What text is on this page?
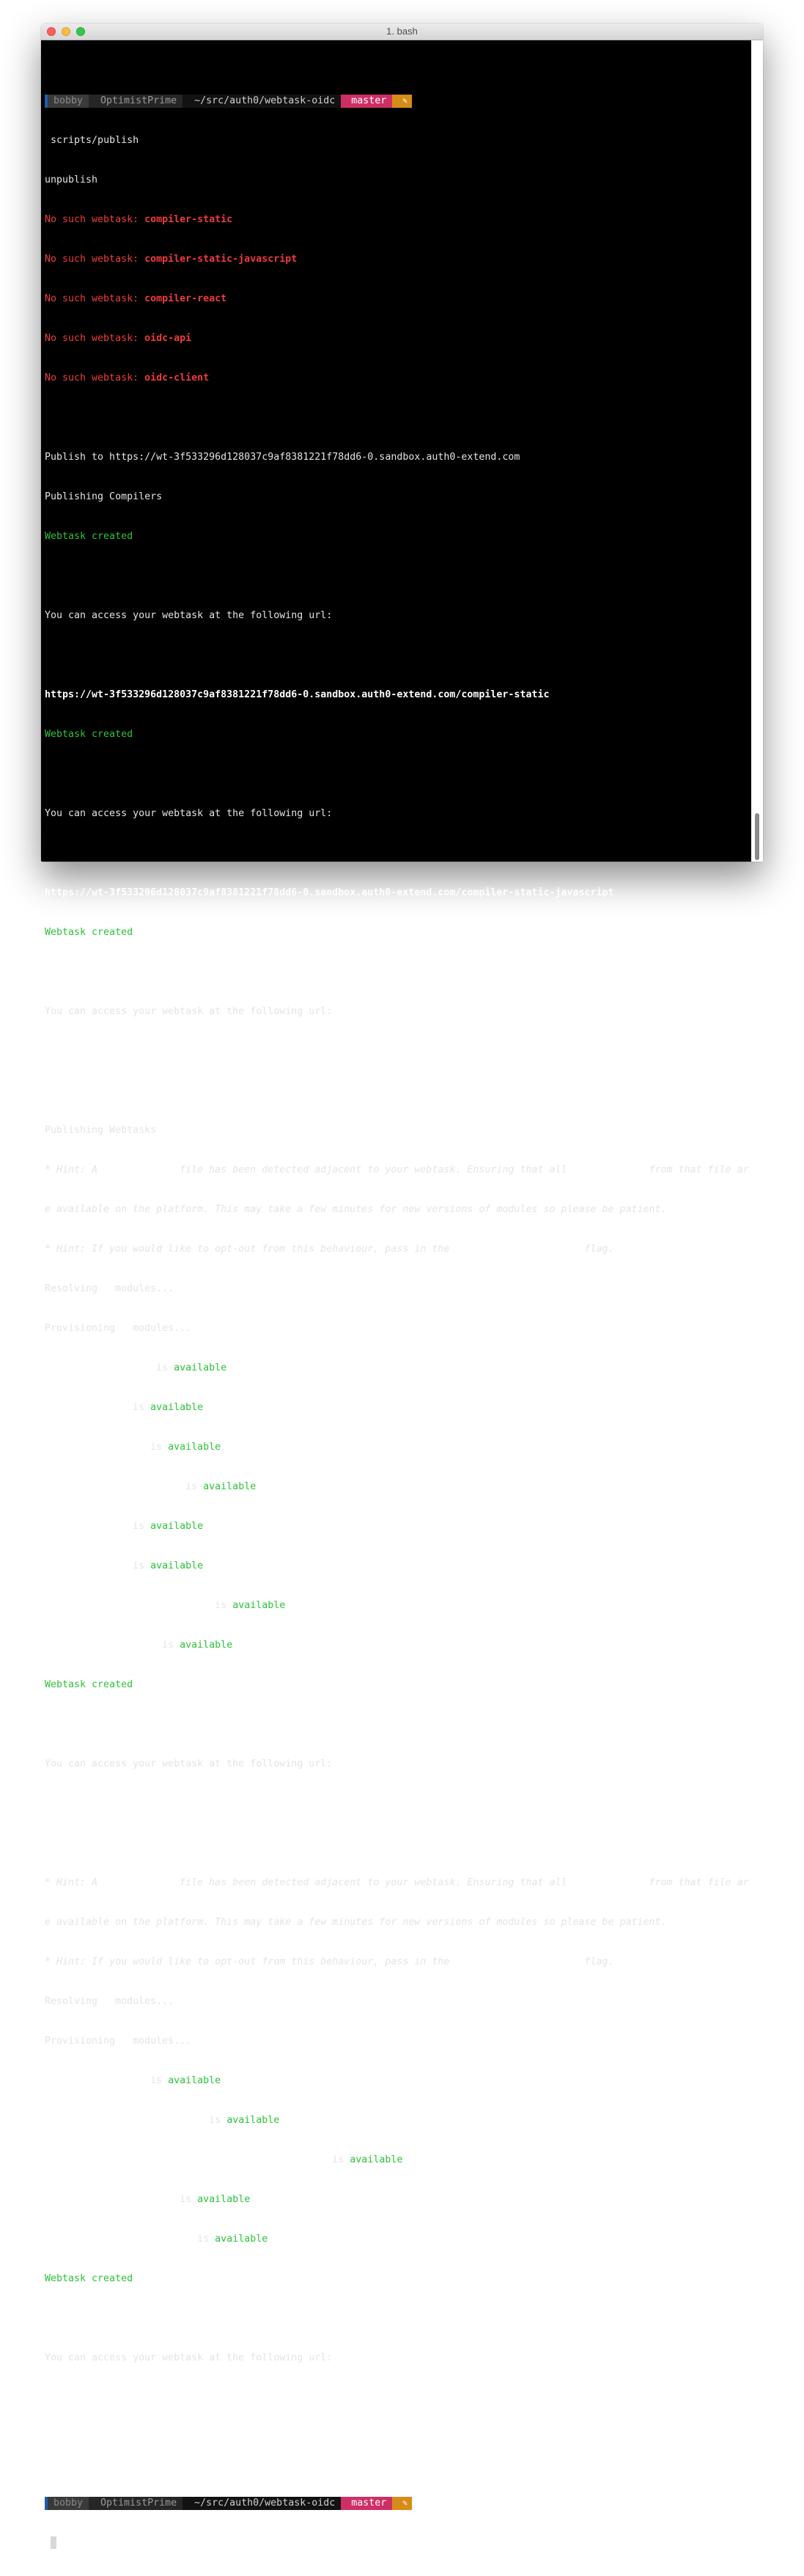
1. bash

bobby	OptimistPrime	~/src/auth0/webtask-oidc	master	✎

scripts/publish

unpublish

No such webtask: compiler-static

No such webtask: compiler-static-javascript

No such webtask: compiler-react

No such webtask: oidc-api

No such webtask: oidc-client

Publish to https://wt-3f533296d128037c9af8381221f78dd6-0.sandbox.auth0-extend.com

Publishing Compilers

Webtask created

You can access your webtask at the following url:

https://wt-3f533296d128037c9af8381221f78dd6-0.sandbox.auth0-extend.com/compiler-static

Webtask created

You can access your webtask at the following url:

https://wt-3f533296d128037c9af8381221f78dd6-0.sandbox.auth0-extend.com/compiler-static-javascript

Webtask created

You can access your webtask at the following url:

https://wt-3f533296d128037c9af8381221f78dd6-0.sandbox.auth0-extend.com/compiler-react

Publishing Webtasks

* Hint: A package.json file has been detected adjacent to your webtask. Ensuring that all dependencies from that file ar

e available on the platform. This may take a few minutes for new versions of modules so please be patient.

* Hint: If you would like to opt-out from this behaviour, pass in the --ignore-package-json flag.

Resolving 8 modules...

Provisioning 8 modules...

body-parser@1.18.3 is available

express@4.16.4 is available

express-jwt@5.3.1 is available

express-jwt-authz@1.0.0 is available

jwks-rsa@1.3.0 is available

request@2.88.0 is available

request-promise-native@1.0.5 is available

webtask-tools@3.4.0 is available

Webtask created

You can access your webtask at the following url:

https://wt-3f533296d128037c9af8381221f78dd6-0.sandbox.auth0-extend.com/oidc-api

* Hint: A package.json file has been detected adjacent to your webtask. Ensuring that all dependencies from that file ar

e available on the platform. This may take a few minutes for new versions of modules so please be patient.

* Hint: If you would like to opt-out from this behaviour, pass in the --ignore-package-json flag.

Resolving 5 modules...

Provisioning 5 modules...

babel-core@6.26.3 is available

babel-plugin-emotion@9.2.11 is available

babel-plugin-transform-object-rest-spread@6.26.0 is available

babel-preset-env@1.7.0 is available

babel-preset-react@6.24.1 is available

Webtask created

You can access your webtask at the following url:

https://wt-3f533296d128037c9af8381221f78dd6-0.sandbox.auth0-extend.com/oidc-client

bobby	OptimistPrime	~/src/auth0/webtask-oidc	master	✎
